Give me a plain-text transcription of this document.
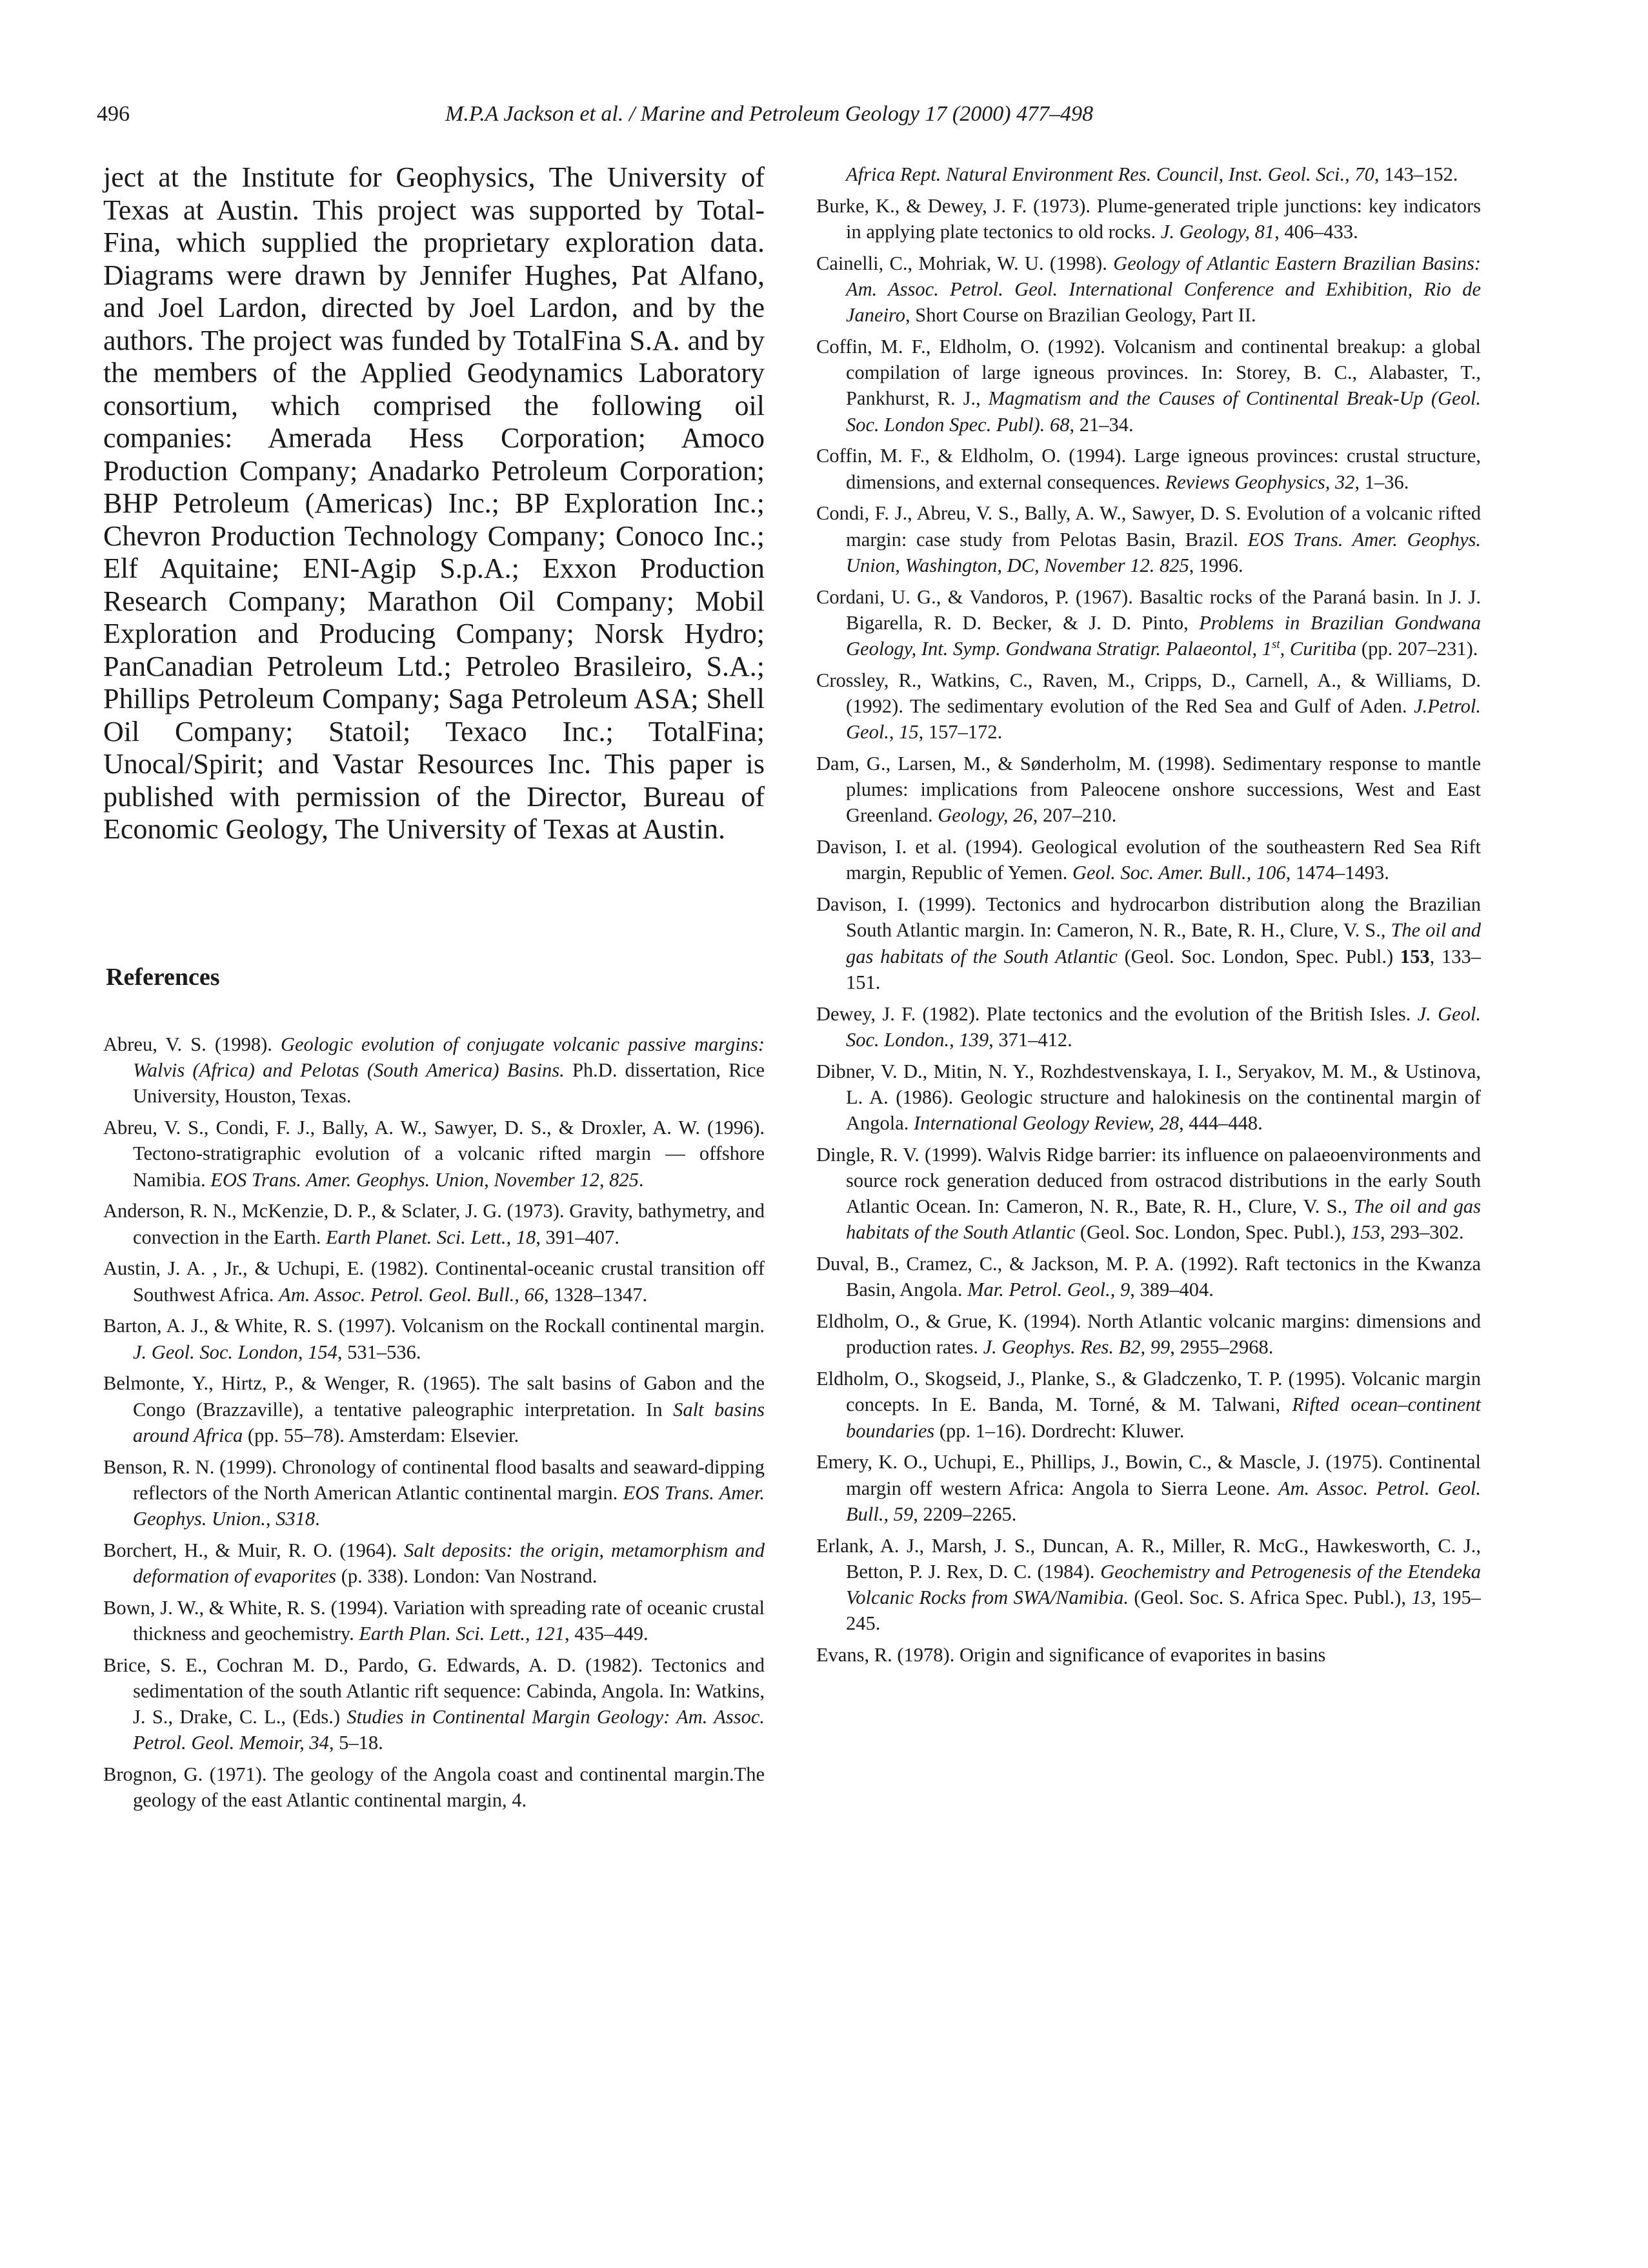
496	M.P.A Jackson et al. / Marine and Petroleum Geology 17 (2000) 477–498

ject at the Institute for Geophysics, The University of Texas at Austin. This project was supported by Total-Fina, which supplied the proprietary exploration data. Diagrams were drawn by Jennifer Hughes, Pat Alfano, and Joel Lardon, directed by Joel Lardon, and by the authors. The project was funded by TotalFina S.A. and by the members of the Applied Geodynamics Laboratory consortium, which comprised the following oil companies: Amerada Hess Corporation; Amoco Production Company; Anadarko Petroleum Corporation; BHP Petroleum (Americas) Inc.; BP Exploration Inc.; Chevron Production Technology Company; Conoco Inc.; Elf Aquitaine; ENI-Agip S.p.A.; Exxon Production Research Company; Marathon Oil Company; Mobil Exploration and Producing Company; Norsk Hydro; PanCanadian Petroleum Ltd.; Petroleo Brasileiro, S.A.; Phillips Petroleum Company; Saga Petroleum ASA; Shell Oil Company; Statoil; Texaco Inc.; TotalFina; Unocal/Spirit; and Vastar Resources Inc. This paper is published with permission of the Director, Bureau of Economic Geology, The University of Texas at Austin.

References

Abreu, V. S. (1998). Geologic evolution of conjugate volcanic passive margins: Walvis (Africa) and Pelotas (South America) Basins. Ph.D. dissertation, Rice University, Houston, Texas.

Abreu, V. S., Condi, F. J., Bally, A. W., Sawyer, D. S., & Droxler, A. W. (1996). Tectono-stratigraphic evolution of a volcanic rifted margin — offshore Namibia. EOS Trans. Amer. Geophys. Union, November 12, 825.

Anderson, R. N., McKenzie, D. P., & Sclater, J. G. (1973). Gravity, bathymetry, and convection in the Earth. Earth Planet. Sci. Lett., 18, 391–407.

Austin, J. A. , Jr., & Uchupi, E. (1982). Continental-oceanic crustal transition off Southwest Africa. Am. Assoc. Petrol. Geol. Bull., 66, 1328–1347.

Barton, A. J., & White, R. S. (1997). Volcanism on the Rockall continental margin. J. Geol. Soc. London, 154, 531–536.

Belmonte, Y., Hirtz, P., & Wenger, R. (1965). The salt basins of Gabon and the Congo (Brazzaville), a tentative paleographic interpretation. In Salt basins around Africa (pp. 55–78). Amsterdam: Elsevier.

Benson, R. N. (1999). Chronology of continental flood basalts and seaward-dipping reflectors of the North American Atlantic continental margin. EOS Trans. Amer. Geophys. Union., S318.

Borchert, H., & Muir, R. O. (1964). Salt deposits: the origin, metamorphism and deformation of evaporites (p. 338). London: Van Nostrand.

Bown, J. W., & White, R. S. (1994). Variation with spreading rate of oceanic crustal thickness and geochemistry. Earth Plan. Sci. Lett., 121, 435–449.

Brice, S. E., Cochran M. D., Pardo, G. Edwards, A. D. (1982). Tectonics and sedimentation of the south Atlantic rift sequence: Cabinda, Angola. In: Watkins, J. S., Drake, C. L., (Eds.) Studies in Continental Margin Geology: Am. Assoc. Petrol. Geol. Memoir, 34, 5–18.

Brognon, G. (1971). The geology of the Angola coast and continental margin.The geology of the east Atlantic continental margin, 4.

Africa Rept. Natural Environment Res. Council, Inst. Geol. Sci., 70, 143–152.

Burke, K., & Dewey, J. F. (1973). Plume-generated triple junctions: key indicators in applying plate tectonics to old rocks. J. Geology, 81, 406–433.

Cainelli, C., Mohriak, W. U. (1998). Geology of Atlantic Eastern Brazilian Basins: Am. Assoc. Petrol. Geol. International Conference and Exhibition, Rio de Janeiro, Short Course on Brazilian Geology, Part II.

Coffin, M. F., Eldholm, O. (1992). Volcanism and continental breakup: a global compilation of large igneous provinces. In: Storey, B. C., Alabaster, T., Pankhurst, R. J., Magmatism and the Causes of Continental Break-Up (Geol. Soc. London Spec. Publ). 68, 21–34.

Coffin, M. F., & Eldholm, O. (1994). Large igneous provinces: crustal structure, dimensions, and external consequences. Reviews Geophysics, 32, 1–36.

Condi, F. J., Abreu, V. S., Bally, A. W., Sawyer, D. S. Evolution of a volcanic rifted margin: case study from Pelotas Basin, Brazil. EOS Trans. Amer. Geophys. Union, Washington, DC, November 12. 825, 1996.

Cordani, U. G., & Vandoros, P. (1967). Basaltic rocks of the Paraná basin. In J. J. Bigarella, R. D. Becker, & J. D. Pinto, Problems in Brazilian Gondwana Geology, Int. Symp. Gondwana Stratigr. Palaeontol, 1st, Curitiba (pp. 207–231).

Crossley, R., Watkins, C., Raven, M., Cripps, D., Carnell, A., & Williams, D. (1992). The sedimentary evolution of the Red Sea and Gulf of Aden. J.Petrol. Geol., 15, 157–172.

Dam, G., Larsen, M., & Sønderholm, M. (1998). Sedimentary response to mantle plumes: implications from Paleocene onshore successions, West and East Greenland. Geology, 26, 207–210.

Davison, I. et al. (1994). Geological evolution of the southeastern Red Sea Rift margin, Republic of Yemen. Geol. Soc. Amer. Bull., 106, 1474–1493.

Davison, I. (1999). Tectonics and hydrocarbon distribution along the Brazilian South Atlantic margin. In: Cameron, N. R., Bate, R. H., Clure, V. S., The oil and gas habitats of the South Atlantic (Geol. Soc. London, Spec. Publ.) 153, 133–151.

Dewey, J. F. (1982). Plate tectonics and the evolution of the British Isles. J. Geol. Soc. London., 139, 371–412.

Dibner, V. D., Mitin, N. Y., Rozhdestvenskaya, I. I., Seryakov, M. M., & Ustinova, L. A. (1986). Geologic structure and halokinesis on the continental margin of Angola. International Geology Review, 28, 444–448.

Dingle, R. V. (1999). Walvis Ridge barrier: its influence on palaeoenvironments and source rock generation deduced from ostracod distributions in the early South Atlantic Ocean. In: Cameron, N. R., Bate, R. H., Clure, V. S., The oil and gas habitats of the South Atlantic (Geol. Soc. London, Spec. Publ.), 153, 293–302.

Duval, B., Cramez, C., & Jackson, M. P. A. (1992). Raft tectonics in the Kwanza Basin, Angola. Mar. Petrol. Geol., 9, 389–404.

Eldholm, O., & Grue, K. (1994). North Atlantic volcanic margins: dimensions and production rates. J. Geophys. Res. B2, 99, 2955–2968.

Eldholm, O., Skogseid, J., Planke, S., & Gladczenko, T. P. (1995). Volcanic margin concepts. In E. Banda, M. Torné, & M. Talwani, Rifted ocean–continent boundaries (pp. 1–16). Dordrecht: Kluwer.

Emery, K. O., Uchupi, E., Phillips, J., Bowin, C., & Mascle, J. (1975). Continental margin off western Africa: Angola to Sierra Leone. Am. Assoc. Petrol. Geol. Bull., 59, 2209–2265.

Erlank, A. J., Marsh, J. S., Duncan, A. R., Miller, R. McG., Hawkesworth, C. J., Betton, P. J. Rex, D. C. (1984). Geochemistry and Petrogenesis of the Etendeka Volcanic Rocks from SWA/Namibia. (Geol. Soc. S. Africa Spec. Publ.), 13, 195–245.

Evans, R. (1978). Origin and significance of evaporites in basins
